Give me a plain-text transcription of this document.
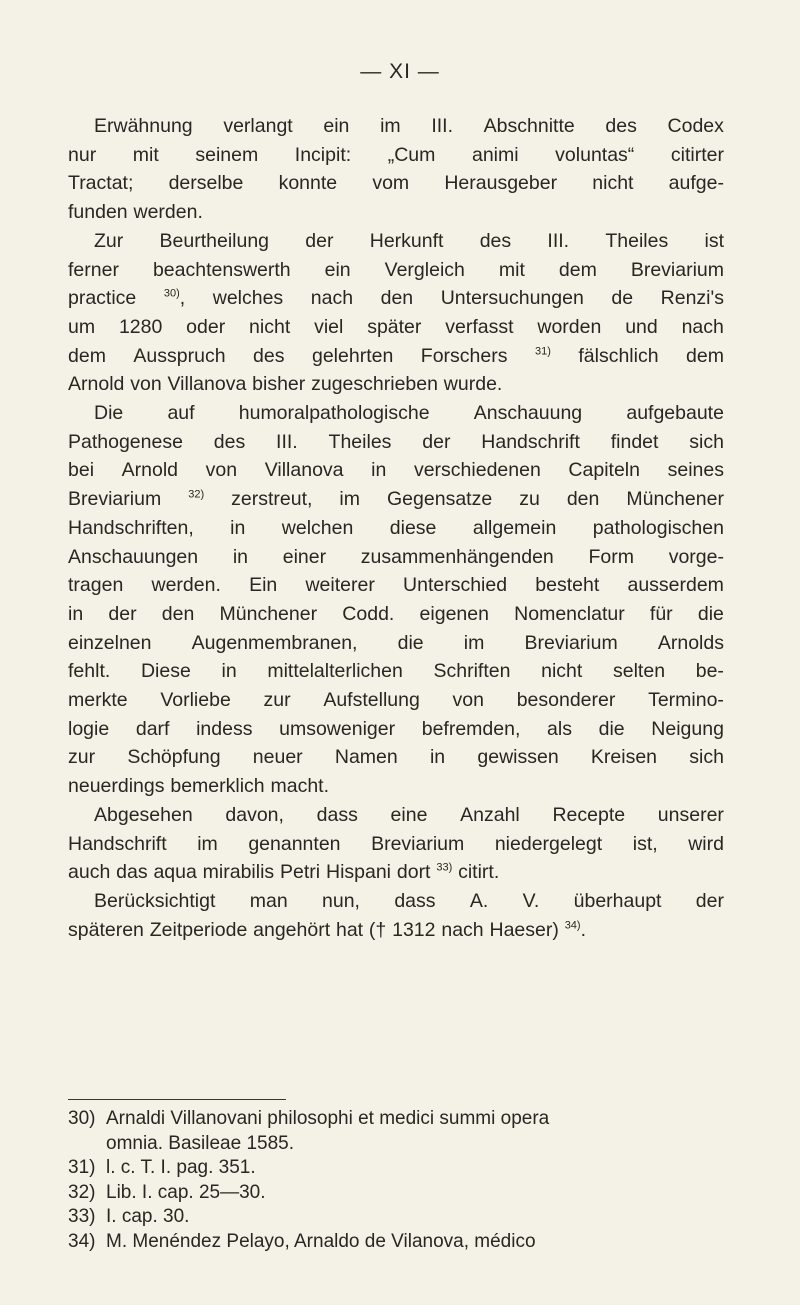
— XI —
Erwähnung verlangt ein im III. Abschnitte des Codex
nur mit seinem Incipit: „Cum animi voluntas“ citirter
Tractat; derselbe konnte vom Herausgeber nicht aufge-
funden werden.
Zur Beurtheilung der Herkunft des III. Theiles ist
ferner beachtenswerth ein Vergleich mit dem Breviarium
practice	$^{30)}$, welches nach den Untersuchungen de Renzi's
um 1280 oder nicht viel später verfasst worden und nach
dem Ausspruch des gelehrten Forschers $^{31)}$ fälschlich dem
Arnold von Villanova bisher zugeschrieben wurde.
Die auf humoralpathologische Anschauung aufgebaute
Pathogenese des III. Theiles der Handschrift findet sich
bei Arnold von Villanova in verschiedenen Capiteln seines
Breviarium $^{32)}$ zerstreut, im Gegensatze zu den Münchener
Handschriften, in welchen diese allgemein pathologischen
Anschauungen in einer zusammenhängenden Form vorge-
tragen werden. Ein weiterer Unterschied besteht ausserdem
in der den Münchener Codd. eigenen Nomenclatur für die
einzelnen Augenmembranen, die im Breviarium Arnolds
fehlt. Diese in mittelalterlichen Schriften nicht selten be-
merkte Vorliebe zur Aufstellung von besonderer Termino-
logie darf indess umsoweniger befremden, als die Neigung
zur Schöpfung neuer Namen in gewissen Kreisen sich
neuerdings bemerklich macht.
Abgesehen davon, dass eine Anzahl Recepte unserer
Handschrift im genannten Breviarium niedergelegt ist, wird
auch das aqua mirabilis Petri Hispani dort $^{33)}$ citirt.
Berücksichtigt man nun, dass A. V. überhaupt der
späteren Zeitperiode angehört hat († 1312 nach Haeser) $^{34)}$.
30) Arnaldi Villanovani philosophi et medici summi opera
omnia. Basileae 1585.
31) l. c. T. I. pag. 351.
32) Lib. I. cap. 25—30.
33) I. cap. 30.
34) M. Menéndez Pelayo, Arnaldo de Vilanova, médico
